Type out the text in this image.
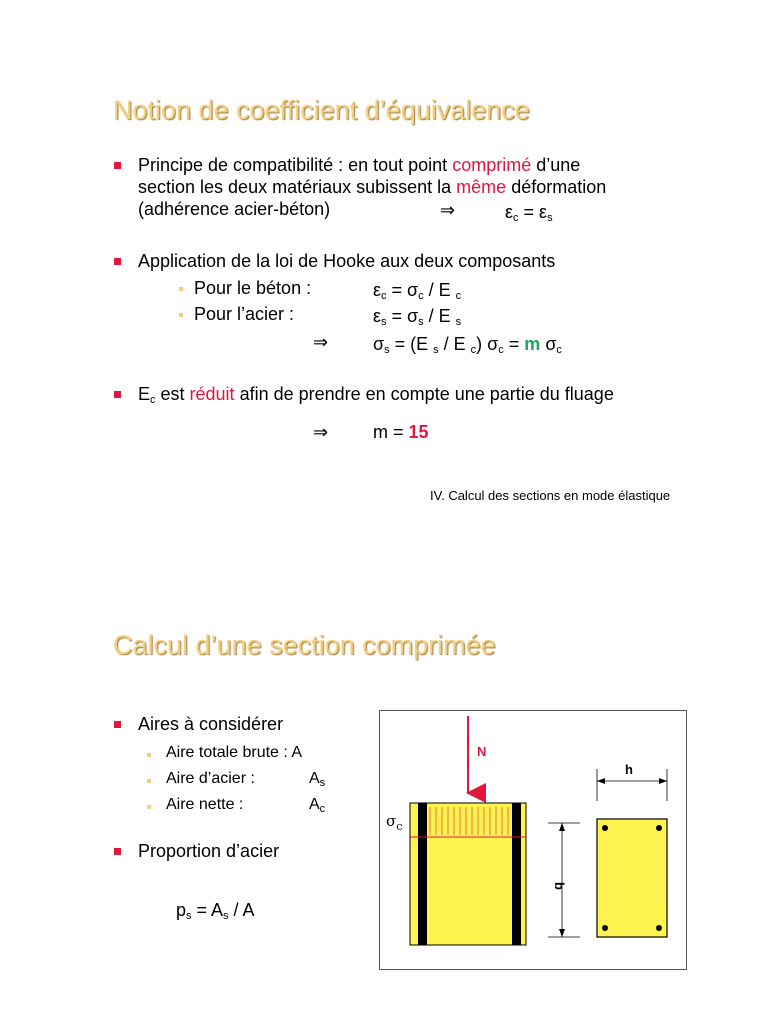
Notion de coefficient d’équivalence
Principe de compatibilité : en tout point comprimé d’une
section les deux matériaux subissent la même déformation
(adhérence acier-béton)	⇒	$\varepsilon_c = \varepsilon_s$
Application de la loi de Hooke aux deux composants
Pour le béton :	$\varepsilon_c = \sigma_c / E$ $_c$
Pour l’acier :	$\varepsilon_s = \sigma_s / E$ $_s$
⇒ $\sigma_s = (E$ $_s$ / E $_c$) $\sigma_c = m$ $\sigma_c$
$E_c$ est réduit afin de prendre en compte une partie du fluage
⇒ m = 15
IV. Calcul des sections en mode élastique
Calcul d’une section comprimée
Aires à considérer
Aire totale brute : A
Aire d’acier :	$A_s$
Aire nette :	$A_c$
Proportion d’acier
$p_s = A_s / A$
N
$\sigma_c$
b
h
